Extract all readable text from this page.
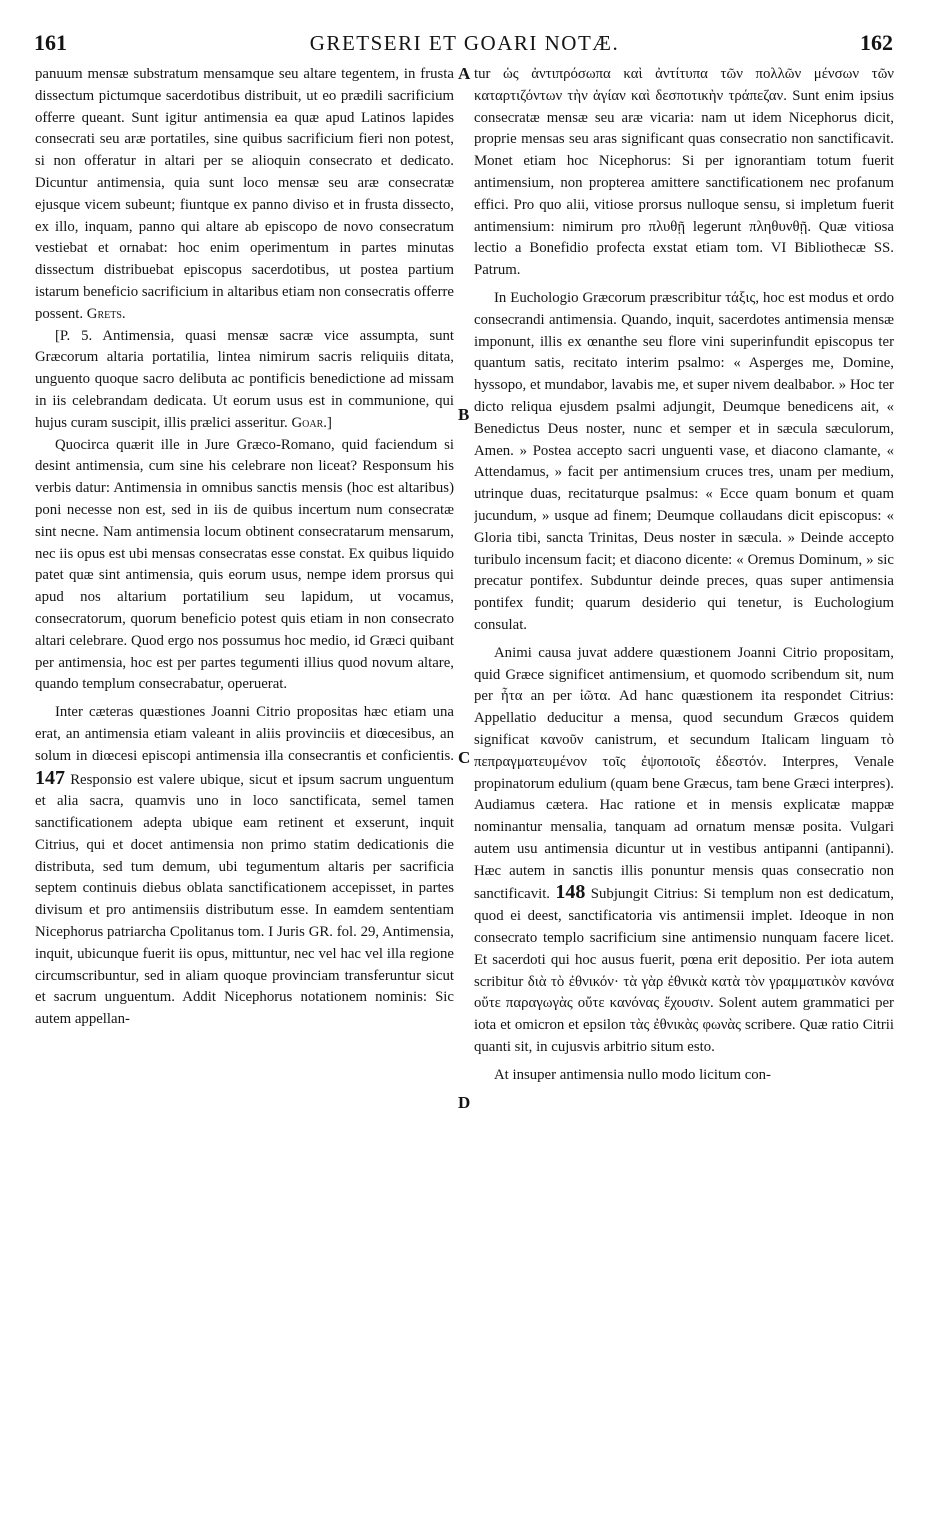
161	GRETSERI ET GOARI NOTÆ.	162

panuum mensæ substratum mensamque seu altare tegentem, in frusta dissectum pictumque sacerdotibus distribuit, ut eo prædili sacrificium offerre queant. Sunt igitur antimensia ea quæ apud Latinos lapides consecrati seu aræ portatiles, sine quibus sacrificium fieri non potest, si non offeratur in altari per se alioquin consecrato et dedicato. Dicuntur antimensia, quia sunt loco mensæ seu aræ consecratæ ejusque vicem subeunt; fiuntque ex panno diviso et in frusta dissecto, ex illo, inquam, panno qui altare ab episcopo de novo consecratum vestiebat et ornabat: hoc enim operimentum in partes minutas dissectum distribuebat episcopus sacerdotibus, ut postea partium istarum beneficio sacrificium in altaribus etiam non consecratis offerre possent. Grets.

[P. 5. Antimensia, quasi mensæ sacræ vice assumpta, sunt Græcorum altaria portatilia, lintea nimirum sacris reliquiis ditata, unguento quoque sacro delibuta ac pontificis benedictione ad missam in iis celebrandam dedicata. Ut eorum usus est in communione, qui hujus curam suscipit, illis prælici asseritur. Goar.]

Quocirca quærit ille in Jure Græco-Romano, quid faciendum si desint antimensia, cum sine his celebrare non liceat? Responsum his verbis datur: Antimensia in omnibus sanctis mensis (hoc est altaribus) poni necesse non est, sed in iis de quibus incertum num consecratæ sint necne. Nam antimensia locum obtinent consecratarum mensarum, nec iis opus est ubi mensas consecratas esse constat. Ex quibus liquido patet quæ sint antimensia, quis eorum usus, nempe idem prorsus qui apud nos altarium portatilium seu lapidum, ut vocamus, consecratorum, quorum beneficio potest quis etiam in non consecrato altari celebrare. Quod ergo nos possumus hoc medio, id Græci quibant per antimensia, hoc est per partes tegumenti illius quod novum altare, quando templum consecrabatur, operuerat.

Inter cæteras quæstiones Joanni Citrio propositas hæc etiam una erat, an antimensia etiam valeant in aliis provinciis et diœcesibus, an solum in diœcesi episcopi antimensia illa consecrantis et conficientis. 147 Responsio est valere ubique, sicut et ipsum sacrum unguentum et alia sacra, quamvis uno in loco sanctificata, semel tamen sanctificationem adepta ubique eam retinent et exserunt, inquit Citrius, qui et docet antimensia non primo statim dedicationis die distributa, sed tum demum, ubi tegumentum altaris per sacrificia septem continuis diebus oblata sanctificationem accepisset, in partes divisum et pro antimensiis distributum esse. In eamdem sententiam Nicephorus patriarcha Cpolitanus tom. I Juris GR. fol. 29, Antimensia, inquit, ubicunque fuerit iis opus, mittuntur, nec vel hac vel illa regione circumscribuntur, sed in aliam quoque provinciam transferuntur sicut et sacrum unguentum. Addit Nicephorus notationem nominis: Sic autem appellan-

A
B
C
D

tur ὡς ἀντιπρόσωπα καὶ ἀντίτυπα τῶν πολλῶν μένσων τῶν καταρτιζόντων τὴν ἁγίαν καὶ δεσποτικὴν τράπεζαν. Sunt enim ipsius consecratæ mensæ seu aræ vicaria: nam ut idem Nicephorus dicit, proprie mensas seu aras significant quas consecratio non sanctificavit. Monet etiam hoc Nicephorus: Si per ignorantiam totum fuerit antimensium, non propterea amittere sanctificationem nec profanum effici. Pro quo alii, vitiose prorsus nulloque sensu, si impletum fuerit antimensium: nimirum pro πλυθῇ legerunt πληθυνθῇ. Quæ vitiosa lectio a Bonefidio profecta exstat etiam tom. VI Bibliothecæ SS. Patrum.

In Euchologio Græcorum præscribitur τάξις, hoc est modus et ordo consecrandi antimensia. Quando, inquit, sacerdotes antimensia mensæ imponunt, illis ex œnanthe seu flore vini superinfundit episcopus ter quantum satis, recitato interim psalmo: « Asperges me, Domine, hyssopo, et mundabor, lavabis me, et super nivem dealbabor. » Hoc ter dicto reliqua ejusdem psalmi adjungit, Deumque benedicens ait, « Benedictus Deus noster, nunc et semper et in sæcula sæculorum, Amen. » Postea accepto sacri unguenti vase, et diacono clamante, « Attendamus, » facit per antimensium cruces tres, unam per medium, utrinque duas, recitaturque psalmus: « Ecce quam bonum et quam jucundum, » usque ad finem; Deumque collaudans dicit episcopus: « Gloria tibi, sancta Trinitas, Deus noster in sæcula. » Deinde accepto turibulo incensum facit; et diacono dicente: « Oremus Dominum, » sic precatur pontifex. Subduntur deinde preces, quas super antimensia pontifex fundit; quarum desiderio qui tenetur, is Euchologium consulat.

Animi causa juvat addere quæstionem Joanni Citrio propositam, quid Græce significet antimensium, et quomodo scribendum sit, num per ἦτα an per ἰῶτα. Ad hanc quæstionem ita respondet Citrius: Appellatio deducitur a mensa, quod secundum Græcos quidem significat κανοῦν canistrum, et secundum Italicam linguam τὸ πεπραγματευμένον τοῖς ἐψοποιοῖς ἐδεστόν. Interpres, Venale propinatorum edulium (quam bene Græcus, tam bene Græci interpres). Audiamus cætera. Hac ratione et in mensis explicatæ mappæ nominantur mensalia, tanquam ad ornatum mensæ posita. Vulgari autem usu antimensia dicuntur ut in vestibus antipanni (antipanni). Hæc autem in sanctis illis ponuntur mensis quas consecratio non sanctificavit. 148 Subjungit Citrius: Si templum non est dedicatum, quod ei deest, sanctificatoria vis antimensii implet. Ideoque in non consecrato templo sacrificium sine antimensio nunquam facere licet. Et sacerdoti qui hoc ausus fuerit, pœna erit depositio. Per iota autem scribitur διὰ τὸ ἐθνικόν· τὰ γὰρ ἐθνικὰ κατὰ τὸν γραμματικὸν κανόνα οὔτε παραγωγὰς οὔτε κανόνας ἔχουσιν. Solent autem grammatici per iota et omicron et epsilon τὰς ἐθνικὰς φωνὰς scribere. Quæ ratio Citrii quanti sit, in cujusvis arbitrio situm esto.

At insuper antimensia nullo modo licitum con-
